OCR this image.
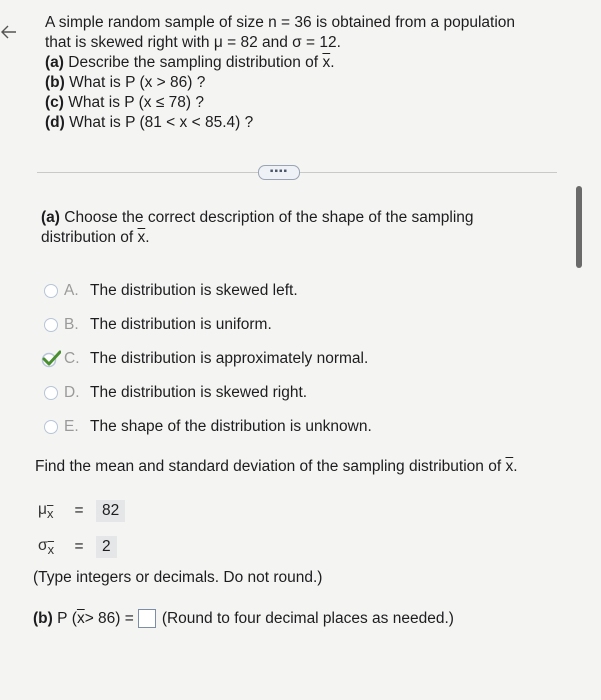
A simple random sample of size n = 36 is obtained from a population

that is skewed right with μ = 82 and σ = 12.

(a) Describe the sampling distribution of $\overline{x}$.

(b) What is P (x > 86) ?

(c) What is P (x ≤ 78) ?

(d) What is P (81 < x < 85.4) ?

▪▪▪▪
(a) Choose the correct description of the shape of the sampling
distribution of $\overline{x}$.
A. The distribution is skewed left.
B. The distribution is uniform.
C. The distribution is approximately normal.
D. The distribution is skewed right.
E. The shape of the distribution is unknown.
Find the mean and standard deviation of the sampling distribution of $\overline{x}$.
$\mu_{\overline{x}}$	=	82
$\sigma_{\overline{x}}$	=	2
(Type integers or decimals. Do not round.)
(b)
P
( $\overline{x} > 86$)
= (Round to four decimal places as needed.)
